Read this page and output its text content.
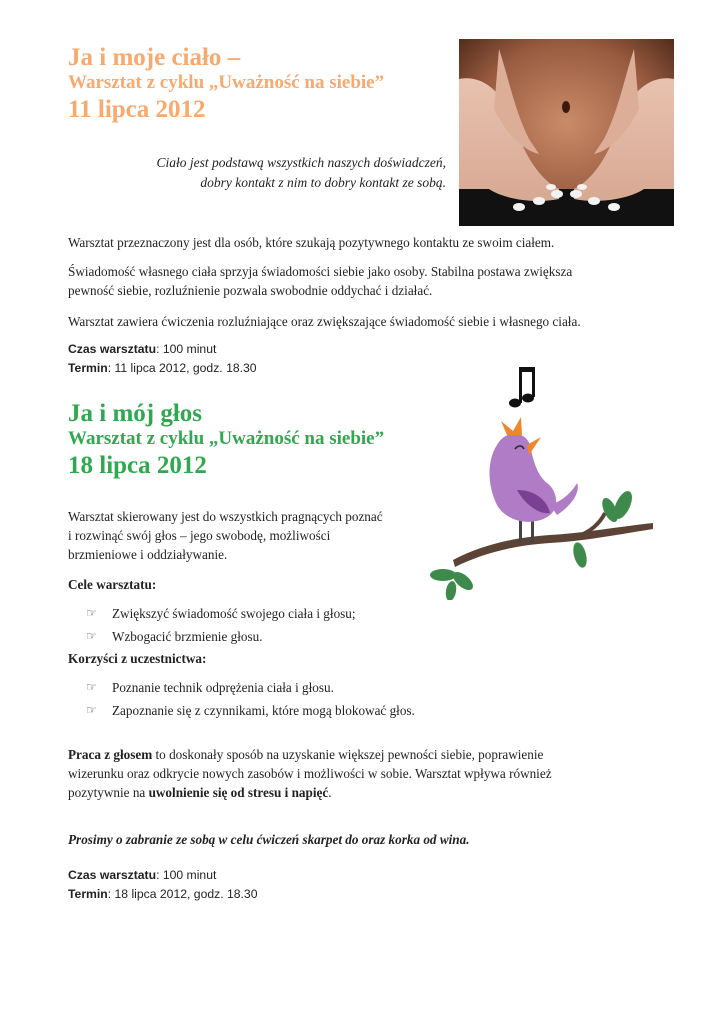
Ja i moje ciało –
Warsztat z cyklu „Uważność na siebie”
11 lipca 2012
Ciało jest podstawą wszystkich naszych doświadczeń,
dobry kontakt z nim to dobry kontakt ze sobą.

Warsztat przeznaczony jest dla osób, które szukają pozytywnego kontaktu ze swoim ciałem.

Świadomość własnego ciała sprzyja świadomości siebie jako osoby. Stabilna postawa zwiększa
pewność siebie, rozluźnienie pozwala swobodnie oddychać i działać.

Warsztat zawiera ćwiczenia rozluźniające oraz zwiększające świadomość siebie i własnego ciała.

Czas warsztatu: 100 minut
Termin: 11 lipca 2012, godz. 18.30
Ja i mój głos
Warsztat z cyklu „Uważność na siebie”
18 lipca 2012
Warsztat skierowany jest do wszystkich pragnących poznać
i rozwinąć swój głos – jego swobodę, możliwości
brzmieniowe i oddziaływanie.
Cele warsztatu:
☞ Zwiększyć świadomość swojego ciała i głosu;
☞ Wzbogacić brzmienie głosu.
Korzyści z uczestnictwa:
☞ Poznanie technik odprężenia ciała i głosu.
☞ Zapoznanie się z czynnikami, które mogą blokować głos.
Praca z głosem to doskonały sposób na uzyskanie większej pewności siebie, poprawienie
wizerunku oraz odkrycie nowych zasobów i możliwości w sobie. Warsztat wpływa również
pozytywnie na uwolnienie się od stresu i napięć.
Prosimy o zabranie ze sobą w celu ćwiczeń skarpet do oraz korka od wina.
Czas warsztatu: 100 minut
Termin: 18 lipca 2012, godz. 18.30
